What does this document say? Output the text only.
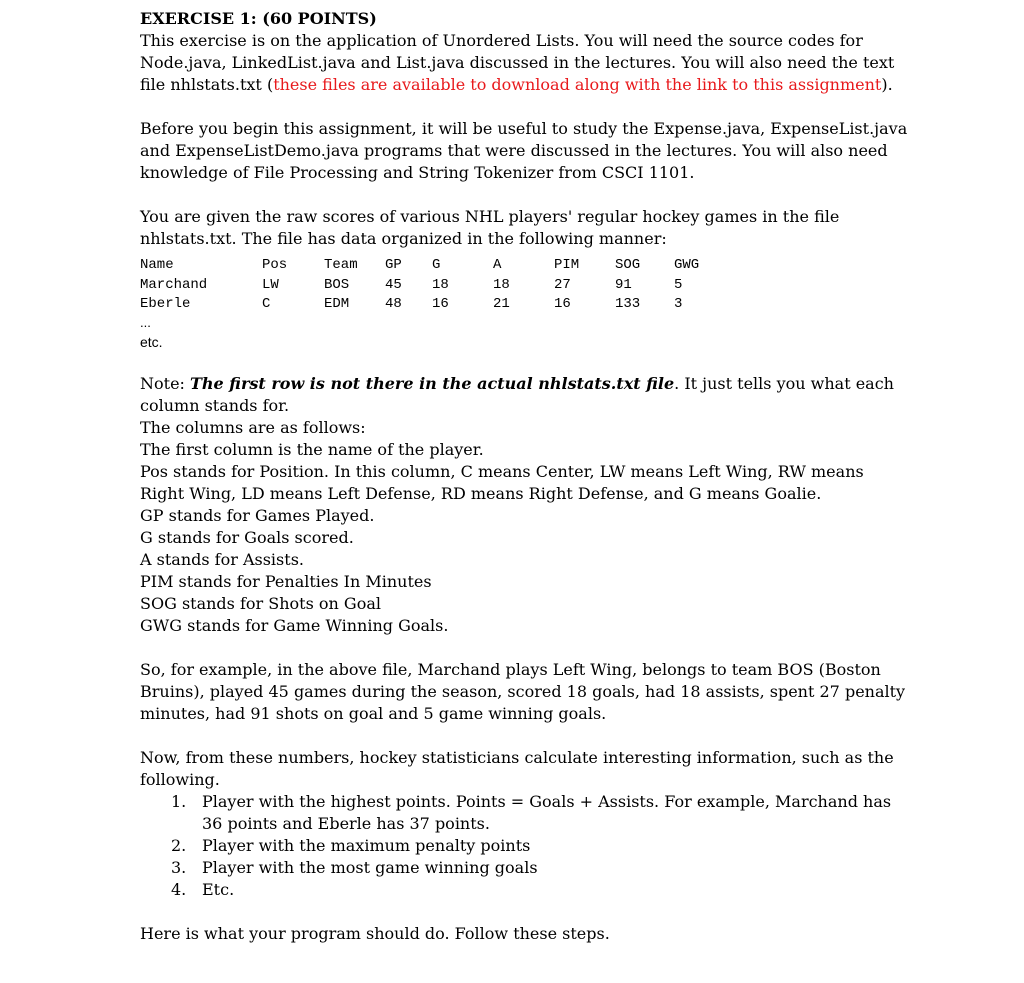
EXERCISE 1: (60 POINTS)

This exercise is on the application of Unordered Lists. You will need the source codes for Node.java, LinkedList.java and List.java discussed in the lectures. You will also need the text file nhlstats.txt (these files are available to download along with the link to this assignment).

Before you begin this assignment, it will be useful to study the Expense.java, ExpenseList.java and ExpenseListDemo.java programs that were discussed in the lectures. You will also need knowledge of File Processing and String Tokenizer from CSCI 1101.

You are given the raw scores of various NHL players' regular hockey games in the file nhlstats.txt. The file has data organized in the following manner:

Name	Pos	Team	GP	G	A	PIM	SOG	GWG
Marchand	LW	BOS	45	18	18	27	91	5
Eberle	C	EDM	48	16	21	16	133	3
...
etc.

Note: The first row is not there in the actual nhlstats.txt file. It just tells you what each column stands for.

The columns are as follows:

The first column is the name of the player.

Pos stands for Position. In this column, C means Center, LW means Left Wing, RW means Right Wing, LD means Left Defense, RD means Right Defense, and G means Goalie.

GP stands for Games Played.

G stands for Goals scored.

A stands for Assists.

PIM stands for Penalties In Minutes

SOG stands for Shots on Goal

GWG stands for Game Winning Goals.

So, for example, in the above file, Marchand plays Left Wing, belongs to team BOS (Boston Bruins), played 45 games during the season, scored 18 goals, had 18 assists, spent 27 penalty minutes, had 91 shots on goal and 5 game winning goals.

Now, from these numbers, hockey statisticians calculate interesting information, such as the following.

1. Player with the highest points. Points = Goals + Assists. For example, Marchand has 36 points and Eberle has 37 points.
2. Player with the maximum penalty points
3. Player with the most game winning goals
4. Etc.

Here is what your program should do. Follow these steps.
